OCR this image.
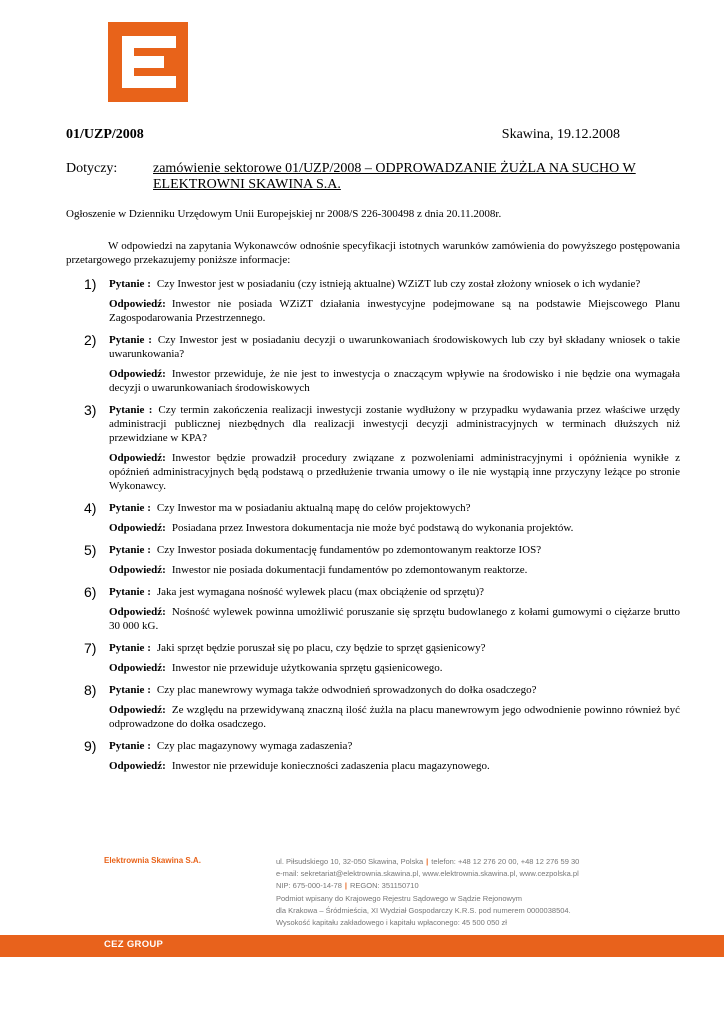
01/UZP/2008	Skawina, 19.12.2008
Dotyczy:	zamówienie sektorowe 01/UZP/2008 – ODPROWADZANIE ŻUŻLA NA SUCHO W ELEKTROWNI SKAWINA S.A.
Ogłoszenie w Dzienniku Urzędowym Unii Europejskiej nr 2008/S 226-300498 z dnia 20.11.2008r.
W odpowiedzi na zapytania Wykonawców odnośnie specyfikacji istotnych warunków zamówienia do powyższego postępowania przetargowego przekazujemy poniższe informacje:
1) Pytanie : Czy Inwestor jest w posiadaniu (czy istnieją aktualne) WZiZT lub czy został złożony wniosek o ich wydanie?

Odpowiedź: Inwestor nie posiada WZiZT działania inwestycyjne podejmowane są na podstawie Miejscowego Planu Zagospodarowania Przestrzennego.

2) Pytanie : Czy Inwestor jest w posiadaniu decyzji o uwarunkowaniach środowiskowych lub czy był składany wniosek o takie uwarunkowania?

Odpowiedź: Inwestor przewiduje, że nie jest to inwestycja o znaczącym wpływie na środowisko i nie będzie ona wymagała decyzji o uwarunkowaniach środowiskowych

3) Pytanie : Czy termin zakończenia realizacji inwestycji zostanie wydłużony w przypadku wydawania przez właściwe urzędy administracji publicznej niezbędnych dla realizacji inwestycji decyzji administracyjnych w terminach dłuższych niż przewidziane w KPA?

Odpowiedź: Inwestor będzie prowadził procedury związane z pozwoleniami administracyjnymi i opóźnienia wynikłe z opóźnień administracyjnych będą podstawą o przedłużenie trwania umowy o ile nie wystąpią inne przyczyny leżące po stronie Wykonawcy.

4) Pytanie : Czy Inwestor ma w posiadaniu aktualną mapę do celów projektowych?

Odpowiedź: Posiadana przez Inwestora dokumentacja nie może być podstawą do wykonania projektów.

5) Pytanie : Czy Inwestor posiada dokumentację fundamentów po zdemontowanym reaktorze IOS?

Odpowiedź: Inwestor nie posiada dokumentacji fundamentów po zdemontowanym reaktorze.

6) Pytanie : Jaka jest wymagana nośność wylewek placu (max obciążenie od sprzętu)?

Odpowiedź: Nośność wylewek powinna umożliwić poruszanie się sprzętu budowlanego z kołami gumowymi o ciężarze brutto 30 000 kG.

7) Pytanie : Jaki sprzęt będzie poruszał się po placu, czy będzie to sprzęt gąsienicowy?

Odpowiedź: Inwestor nie przewiduje użytkowania sprzętu gąsienicowego.

8) Pytanie : Czy plac manewrowy wymaga także odwodnień sprowadzonych do dołka osadczego?

Odpowiedź: Ze względu na przewidywaną znaczną ilość żużla na placu manewrowym jego odwodnienie powinno również być odprowadzone do dołka osadczego.

9) Pytanie : Czy plac magazynowy wymaga zadaszenia?

Odpowiedź: Inwestor nie przewiduje konieczności zadaszenia placu magazynowego.

Elektrownia Skawina S.A.	ul. Piłsudskiego 10, 32-050 Skawina, Polska | telefon: +48 12 276 20 00, +48 12 276 59 30
e-mail: sekretariat@elektrownia.skawina.pl, www.elektrownia.skawina.pl, www.cezpolska.pl
NIP: 675-000-14-78 | REGON: 351150710
Podmiot wpisany do Krajowego Rejestru Sądowego w Sądzie Rejonowym
dla Krakowa – Śródmieścia, XI Wydział Gospodarczy K.R.S. pod numerem 0000038504.
Wysokość kapitału zakładowego i kapitału wpłaconego: 45 500 050 zł
CEZ GROUP
